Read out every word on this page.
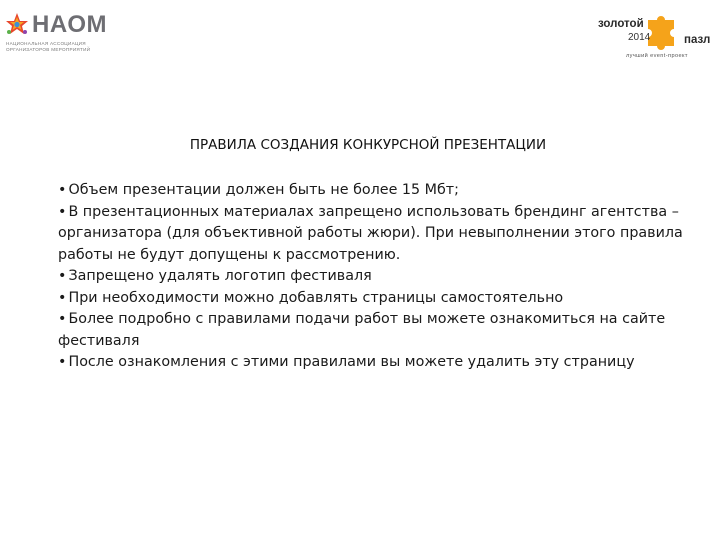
НАОМ
НАЦИОНАЛЬНАЯ АССОЦИАЦИЯ
ОРГАНИЗАТОРОВ МЕРОПРИЯТИЙ
золотой
2014	пазл
лучший event-проект
ПРАВИЛА СОЗДАНИЯ КОНКУРСНОЙ ПРЕЗЕНТАЦИИ
• Объем презентации должен быть не более 15 Мбт;
• В презентационных материалах запрещено использовать брендинг агентства – организатора (для объективной работы жюри). При невыполнении этого правила работы не будут допущены к рассмотрению.
• Запрещено удалять логотип фестиваля
• При необходимости можно добавлять страницы самостоятельно
• Более подробно с правилами подачи работ вы можете ознакомиться на сайте фестиваля
• После ознакомления с этими правилами вы можете удалить эту страницу
